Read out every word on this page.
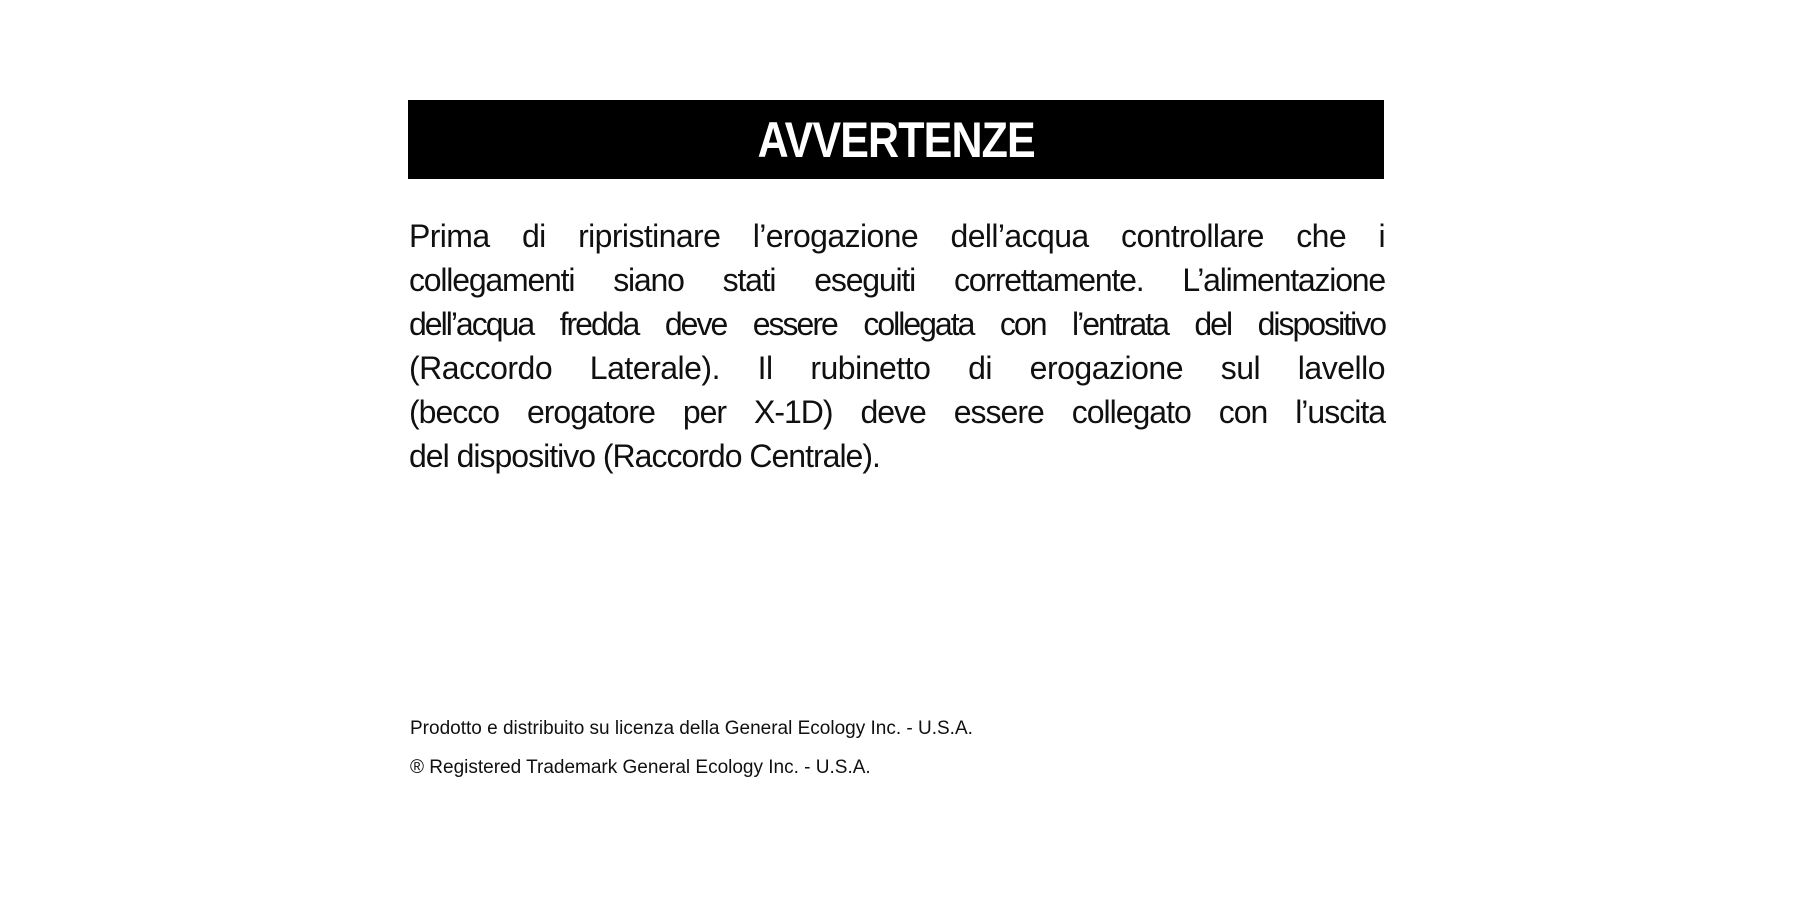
AVVERTENZE
Prima di ripristinare l’erogazione dell’acqua controllare che i
collegamenti siano stati eseguiti correttamente. L’alimentazione
dell’acqua fredda deve essere collegata con l’entrata del dispositivo
(Raccordo Laterale). Il rubinetto di erogazione sul lavello
(becco erogatore per X-1D) deve essere collegato con l’uscita
del dispositivo (Raccordo Centrale).
Prodotto e distribuito su licenza della General Ecology Inc. - U.S.A.
® Registered Trademark General Ecology Inc. - U.S.A.
